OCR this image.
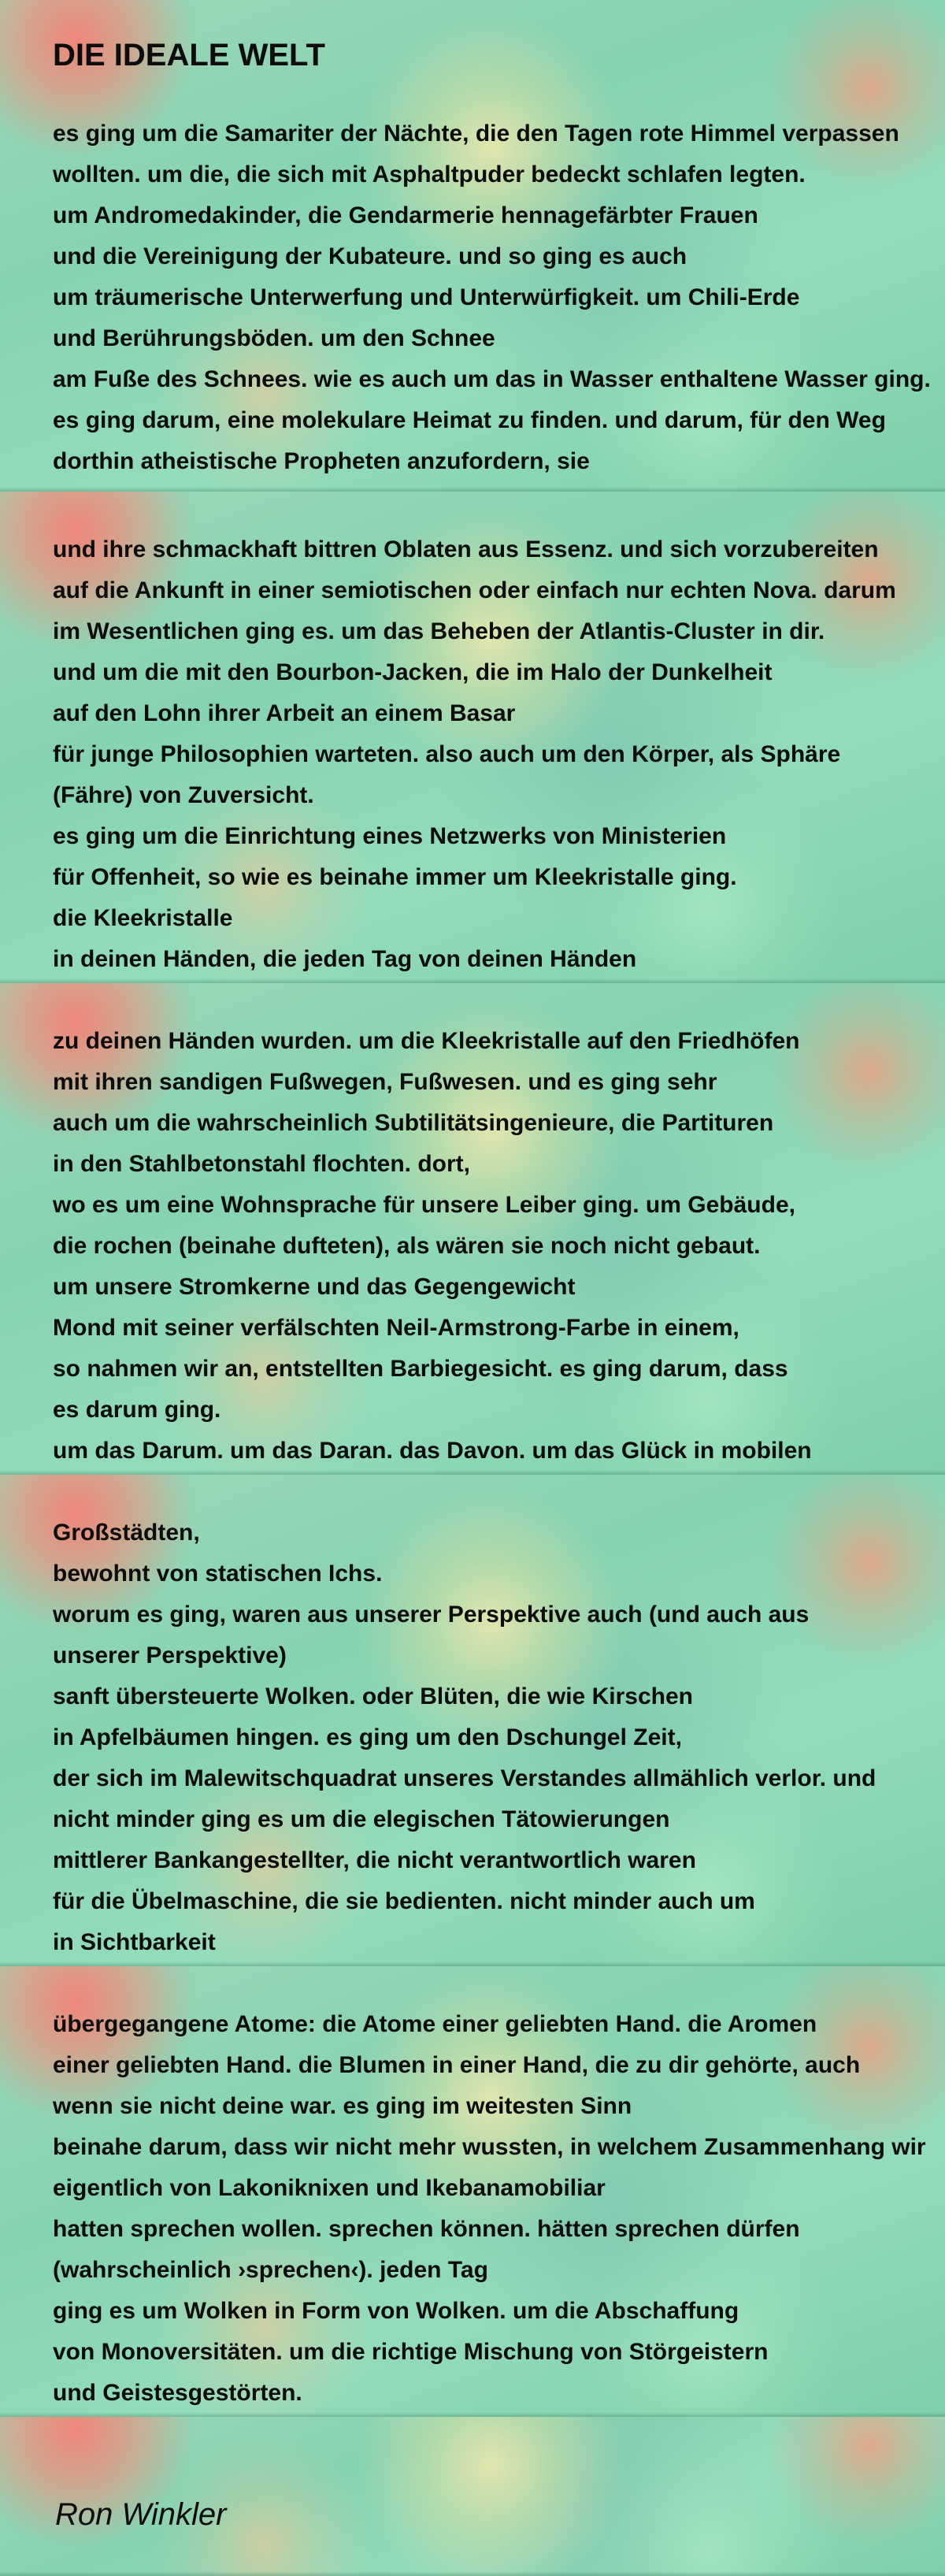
DIE IDEALE WELT
es ging um die Samariter der Nächte, die den Tagen rote Himmel verpassen
wollten. um die, die sich mit Asphaltpuder bedeckt schlafen legten.
um Andromedakinder, die Gendarmerie hennagefärbter Frauen
und die Vereinigung der Kubateure. und so ging es auch
um träumerische Unterwerfung und Unterwürfigkeit. um Chili-Erde
und Berührungsböden. um den Schnee
am Fuße des Schnees. wie es auch um das in Wasser enthaltene Wasser ging.
es ging darum, eine molekulare Heimat zu finden. und darum, für den Weg
dorthin atheistische Propheten anzufordern, sie
und ihre schmackhaft bittren Oblaten aus Essenz. und sich vorzubereiten
auf die Ankunft in einer semiotischen oder einfach nur echten Nova. darum
im Wesentlichen ging es. um das Beheben der Atlantis-Cluster in dir.
und um die mit den Bourbon-Jacken, die im Halo der Dunkelheit
auf den Lohn ihrer Arbeit an einem Basar
für junge Philosophien warteten. also auch um den Körper, als Sphäre
(Fähre) von Zuversicht.
es ging um die Einrichtung eines Netzwerks von Ministerien
für Offenheit, so wie es beinahe immer um Kleekristalle ging.
die Kleekristalle
in deinen Händen, die jeden Tag von deinen Händen
zu deinen Händen wurden. um die Kleekristalle auf den Friedhöfen
mit ihren sandigen Fußwegen, Fußwesen. und es ging sehr
auch um die wahrscheinlich Subtilitätsingenieure, die Partituren
in den Stahlbetonstahl flochten. dort,
wo es um eine Wohnsprache für unsere Leiber ging. um Gebäude,
die rochen (beinahe dufteten), als wären sie noch nicht gebaut.
um unsere Stromkerne und das Gegengewicht
Mond mit seiner verfälschten Neil-Armstrong-Farbe in einem,
so nahmen wir an, entstellten Barbiegesicht. es ging darum, dass
es darum ging.
um das Darum. um das Daran. das Davon. um das Glück in mobilen
Großstädten,
bewohnt von statischen Ichs.
worum es ging, waren aus unserer Perspektive auch (und auch aus
unserer Perspektive)
sanft übersteuerte Wolken. oder Blüten, die wie Kirschen
in Apfelbäumen hingen. es ging um den Dschungel Zeit,
der sich im Malewitschquadrat unseres Verstandes allmählich verlor. und
nicht minder ging es um die elegischen Tätowierungen
mittlerer Bankangestellter, die nicht verantwortlich waren
für die Übelmaschine, die sie bedienten. nicht minder auch um
in Sichtbarkeit
übergegangene Atome: die Atome einer geliebten Hand. die Aromen
einer geliebten Hand. die Blumen in einer Hand, die zu dir gehörte, auch
wenn sie nicht deine war. es ging im weitesten Sinn
beinahe darum, dass wir nicht mehr wussten, in welchem Zusammenhang wir
eigentlich von Lakoniknixen und Ikebanamobiliar
hatten sprechen wollen. sprechen können. hätten sprechen dürfen
(wahrscheinlich ›sprechen‹). jeden Tag
ging es um Wolken in Form von Wolken. um die Abschaffung
von Monoversitäten. um die richtige Mischung von Störgeistern
und Geistesgestörten.

Ron Winkler
